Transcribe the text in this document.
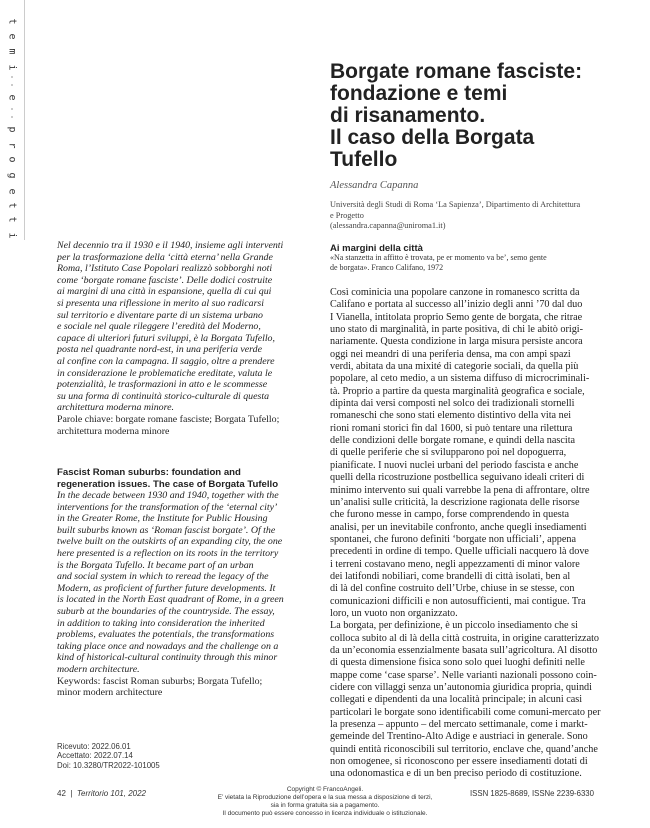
t
e
m
i
e
p
r
o
g
e
t
t
i
Borgate romane fasciste:
fondazione e temi
di risanamento.
Il caso della Borgata
Tufello
Alessandra Capanna
Università degli Studi di Roma ‘La Sapienza’, Dipartimento di Architettura
e Progetto
(alessandra.capanna@uniroma1.it)
Ai margini della città
«Na stanzetta in affitto è trovata, pe er momento va be’, semo gente
de borgata». Franco Califano, 1972
Così cominicia una popolare canzone in romanesco scritta da
Califano e portata al successo all’inizio degli anni ’70 dal duo
I Vianella, intitolata proprio Semo gente de borgata, che ritrae
uno stato di marginalità, in parte positiva, di chi le abitò origi-
nariamente. Questa condizione in larga misura persiste ancora
oggi nei meandri di una periferia densa, ma con ampi spazi
verdi, abitata da una mixité di categorie sociali, da quella più
popolare, al ceto medio, a un sistema diffuso di microcriminali-
tà. Proprio a partire da questa marginalità geografica e sociale,
dipinta dai versi composti nel solco dei tradizionali stornelli
romaneschi che sono stati elemento distintivo della vita nei
rioni romani storici fin dal 1600, si può tentare una rilettura
delle condizioni delle borgate romane, e quindi della nascita
di quelle periferie che si svilupparono poi nel dopoguerra,
pianificate. I nuovi nuclei urbani del periodo fascista e anche
quelli della ricostruzione postbellica seguivano ideali criteri di
minimo intervento sui quali varrebbe la pena di affrontare, oltre
un’analisi sulle criticità, la descrizione ragionata delle risorse
che furono messe in campo, forse comprendendo in questa
analisi, per un inevitabile confronto, anche quegli insediamenti
spontanei, che furono definiti ‘borgate non ufficiali’, appena
precedenti in ordine di tempo. Quelle ufficiali nacquero là dove
i terreni costavano meno, negli appezzamenti di minor valore
dei latifondi nobiliari, come brandelli di città isolati, ben al
di là del confine costruito dell’Urbe, chiuse in se stesse, con
comunicazioni difficili e non autosufficienti, mai contigue. Tra
loro, un vuoto non organizzato.
La borgata, per definizione, è un piccolo insediamento che si
colloca subito al di là della città costruita, in origine caratterizzato
da un’economia essenzialmente basata sull’agricoltura. Al disotto
di questa dimensione fisica sono solo quei luoghi definiti nelle
mappe come ‘case sparse’. Nelle varianti nazionali possono coin-
cidere con villaggi senza un’autonomia giuridica propria, quindi
collegati e dipendenti da una località principale; in alcuni casi
particolari le borgate sono identificabili come comuni-mercato per
la presenza – appunto – del mercato settimanale, come i markt-
gemeinde del Trentino-Alto Adige e austriaci in generale. Sono
quindi entità riconoscibili sul territorio, enclave che, quand’anche
non omogenee, si riconoscono per essere insediamenti dotati di
una odonomastica e di un ben preciso periodo di costituzione.
Nel decennio tra il 1930 e il 1940, insieme agli interventi
per la trasformazione della ‘città eterna’ nella Grande
Roma, l’Istituto Case Popolari realizzò sobborghi noti
come ‘borgate romane fasciste’. Delle dodici costruite
ai margini di una città in espansione, quella di cui qui
si presenta una riflessione in merito al suo radicarsi
sul territorio e diventare parte di un sistema urbano
e sociale nel quale rileggere l’eredità del Moderno,
capace di ulteriori futuri sviluppi, è la Borgata Tufello,
posta nel quadrante nord-est, in una periferia verde
al confine con la campagna. Il saggio, oltre a prendere
in considerazione le problematiche ereditate, valuta le
potenzialità, le trasformazioni in atto e le scommesse
su una forma di continuità storico-culturale di questa
architettura moderna minore.
Parole chiave: borgate romane fasciste; Borgata Tufello;
architettura moderna minore
Fascist Roman suburbs: foundation and
regeneration issues. The case of Borgata Tufello
In the decade between 1930 and 1940, together with the
interventions for the transformation of the ‘eternal city’
in the Greater Rome, the Institute for Public Housing
built suburbs known as ‘Roman fascist borgate’. Of the
twelve built on the outskirts of an expanding city, the one
here presented is a reflection on its roots in the territory
is the Borgata Tufello. It became part of an urban
and social system in which to reread the legacy of the
Modern, as proficient of further future developments. It
is located in the North East quadrant of Rome, in a green
suburb at the boundaries of the countryside. The essay,
in addition to taking into consideration the inherited
problems, evaluates the potentials, the transformations
taking place once and nowadays and the challenge on a
kind of historical-cultural continuity through this minor
modern architecture.
Keywords: fascist Roman suburbs; Borgata Tufello;
minor modern architecture
Ricevuto: 2022.06.01
Accettato: 2022.07.14
Doi: 10.3280/TR2022-101005
42  |  Territorio 101, 2022	Copyright © FrancoAngeli.
E’ vietata la Riproduzione dell’opera e la sua messa a disposizione di terzi,
sia in forma gratuita sia a pagamento.
Il documento può essere concesso in licenza individuale o istituzionale.
ISSN 1825-8689, ISSNe 2239-6330
